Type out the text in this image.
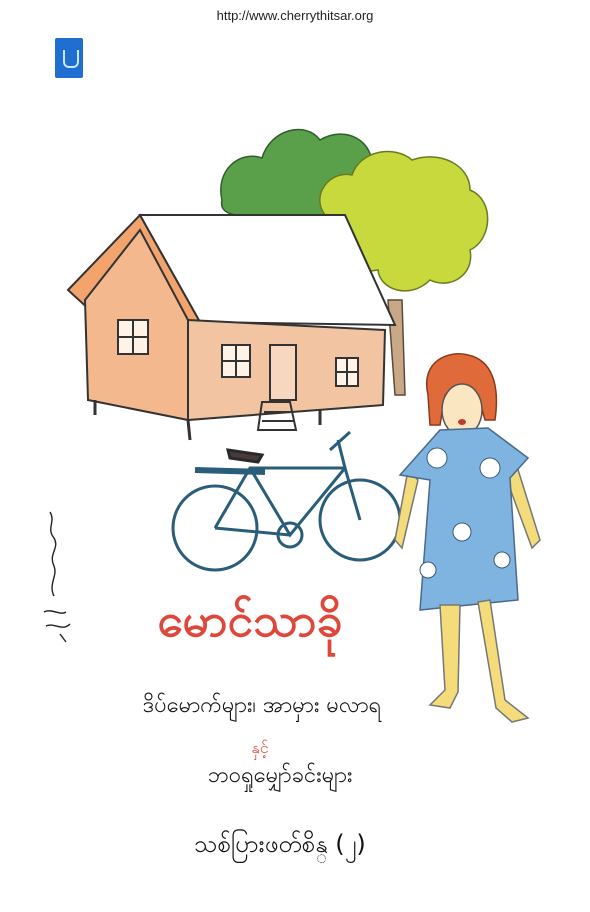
http://www.cherrythitsar.org
မောင်သာခို
ဒိပ်မောက်များ၊ အာမှား မလာရ
နှင့်
ဘဝရှုမျှော်ခင်းများ
သစ်ပြားဖတ်စိန္ (၂)
